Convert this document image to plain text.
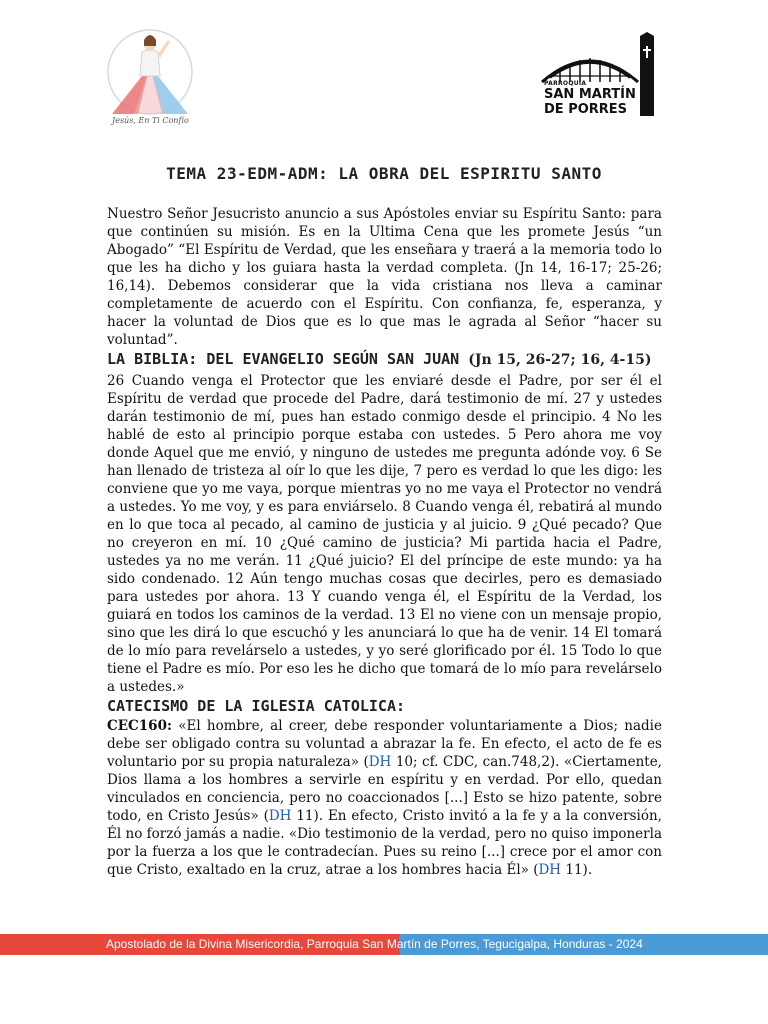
Jesús, En Ti Confío
PARROQUIA
SAN MARTÍN
DE PORRES
TEMA 23-EDM-ADM: LA OBRA DEL ESPIRITU SANTO

Nuestro Señor Jesucristo anuncio a sus Apóstoles enviar su Espíritu Santo: para que continúen su misión. Es en la Ultima Cena que les promete Jesús “un Abogado” “El Espíritu de Verdad, que les enseñara y traerá a la memoria todo lo que les ha dicho y los guiara hasta la verdad completa. (Jn 14, 16-17; 25-26; 16,14). Debemos considerar que la vida cristiana nos lleva a caminar completamente de acuerdo con el Espíritu. Con confianza, fe, esperanza, y hacer la voluntad de Dios que es lo que mas le agrada al Señor “hacer su voluntad”.

LA BIBLIA: DEL EVANGELIO SEGÚN SAN JUAN (Jn 15, 26-27; 16, 4-15)

26 Cuando venga el Protector que les enviaré desde el Padre, por ser él el Espíritu de verdad que procede del Padre, dará testimonio de mí. 27 y ustedes darán testimonio de mí, pues han estado conmigo desde el principio. 4 No les hablé de esto al principio porque estaba con ustedes. 5 Pero ahora me voy donde Aquel que me envió, y ninguno de ustedes me pregunta adónde voy. 6 Se han llenado de tristeza al oír lo que les dije, 7 pero es verdad lo que les digo: les conviene que yo me vaya, porque mientras yo no me vaya el Protector no vendrá a ustedes. Yo me voy, y es para enviárselo. 8 Cuando venga él, rebatirá al mundo en lo que toca al pecado, al camino de justicia y al juicio. 9 ¿Qué pecado? Que no creyeron en mí. 10 ¿Qué camino de justicia? Mi partida hacia el Padre, ustedes ya no me verán. 11 ¿Qué juicio? El del príncipe de este mundo: ya ha sido condenado. 12 Aún tengo muchas cosas que decirles, pero es demasiado para ustedes por ahora. 13 Y cuando venga él, el Espíritu de la Verdad, los guiará en todos los caminos de la verdad. 13 El no viene con un mensaje propio, sino que les dirá lo que escuchó y les anunciará lo que ha de venir. 14 El tomará de lo mío para revelárselo a ustedes, y yo seré glorificado por él. 15 Todo lo que tiene el Padre es mío. Por eso les he dicho que tomará de lo mío para revelárselo a ustedes.»

CATECISMO DE LA IGLESIA CATOLICA:

CEC160: «El hombre, al creer, debe responder voluntariamente a Dios; nadie debe ser obligado contra su voluntad a abrazar la fe. En efecto, el acto de fe es voluntario por su propia naturaleza» (DH 10; cf. CDC, can.748,2). «Ciertamente, Dios llama a los hombres a servirle en espíritu y en verdad. Por ello, quedan vinculados en conciencia, pero no coaccionados [...] Esto se hizo patente, sobre todo, en Cristo Jesús» (DH 11). En efecto, Cristo invitó a la fe y a la conversión, Él no forzó jamás a nadie. «Dio testimonio de la verdad, pero no quiso imponerla por la fuerza a los que le contradecían. Pues su reino [...] crece por el amor con que Cristo, exaltado en la cruz, atrae a los hombres hacia Él» (DH 11).

Apostolado de la Divina Misericordia, Parroquia San Martín de Porres, Tegucigalpa, Honduras - 2024
